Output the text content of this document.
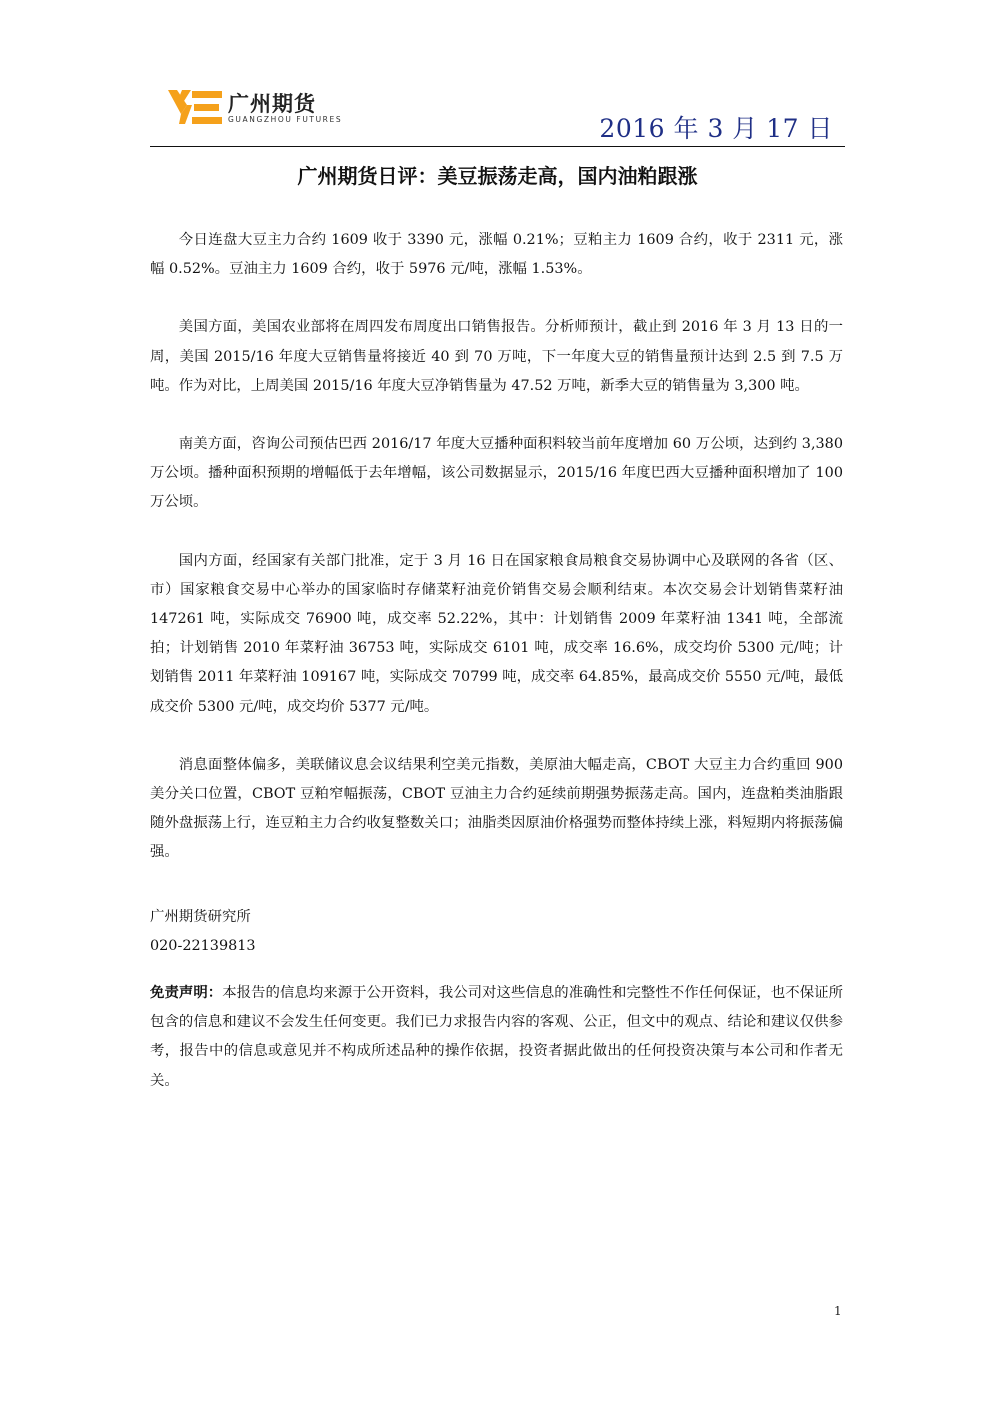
广州期货
GUANGZHOU FUTURES	2016 年 3 月 17 日
广州期货日评：美豆振荡走高，国内油粕跟涨

今日连盘大豆主力合约 1609 收于 3390 元，涨幅 0.21%；豆粕主力 1609 合约，收于 2311 元，涨幅 0.52%。豆油主力 1609 合约，收于 5976 元/吨，涨幅 1.53%。

美国方面，美国农业部将在周四发布周度出口销售报告。分析师预计，截止到 2016 年 3 月 13 日的一周，美国 2015/16 年度大豆销售量将接近 40 到 70 万吨，下一年度大豆的销售量预计达到 2.5 到 7.5 万吨。作为对比，上周美国 2015/16 年度大豆净销售量为 47.52 万吨，新季大豆的销售量为 3,300 吨。

南美方面，咨询公司预估巴西 2016/17 年度大豆播种面积料较当前年度增加 60 万公顷，达到约 3,380 万公顷。播种面积预期的增幅低于去年增幅，该公司数据显示，2015/16 年度巴西大豆播种面积增加了 100 万公顷。

国内方面，经国家有关部门批准，定于 3 月 16 日在国家粮食局粮食交易协调中心及联网的各省（区、市）国家粮食交易中心举办的国家临时存储菜籽油竞价销售交易会顺利结束。本次交易会计划销售菜籽油 147261 吨，实际成交 76900 吨，成交率 52.22%，其中：计划销售 2009 年菜籽油 1341 吨，全部流拍；计划销售 2010 年菜籽油 36753 吨，实际成交 6101 吨，成交率 16.6%，成交均价 5300 元/吨；计划销售 2011 年菜籽油 109167 吨，实际成交 70799 吨，成交率 64.85%，最高成交价 5550 元/吨，最低成交价 5300 元/吨，成交均价 5377 元/吨。

消息面整体偏多，美联储议息会议结果利空美元指数，美原油大幅走高，CBOT 大豆主力合约重回 900 美分关口位置，CBOT 豆粕窄幅振荡，CBOT 豆油主力合约延续前期强势振荡走高。国内，连盘粕类油脂跟随外盘振荡上行，连豆粕主力合约收复整数关口；油脂类因原油价格强势而整体持续上涨，料短期内将振荡偏强。

广州期货研究所
020-22139813
免责声明：本报告的信息均来源于公开资料，我公司对这些信息的准确性和完整性不作任何保证，也不保证所包含的信息和建议不会发生任何变更。我们已力求报告内容的客观、公正，但文中的观点、结论和建议仅供参考，报告中的信息或意见并不构成所述品种的操作依据，投资者据此做出的任何投资决策与本公司和作者无关。
1
